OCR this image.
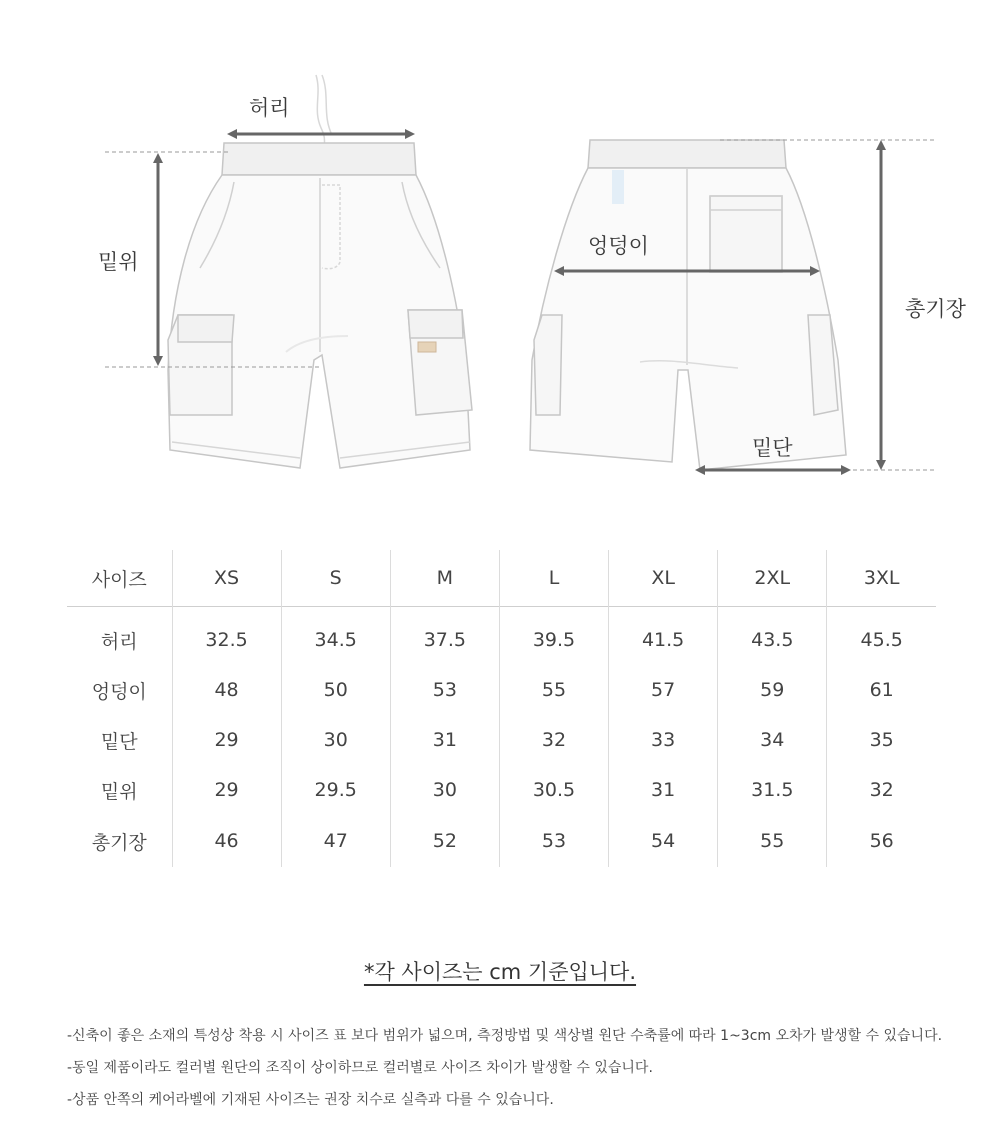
허리
밑위
엉덩이
밑단
총기장
사이즈	XS	S	M	L	XL	2XL	3XL
허리	32.5	34.5	37.5	39.5	41.5	43.5	45.5
엉덩이	48	50	53	55	57	59	61
밑단	29	30	31	32	33	34	35
밑위	29	29.5	30	30.5	31	31.5	32
총기장	46	47	52	53	54	55	56
*각 사이즈는 cm 기준입니다.
-신축이 좋은 소재의 특성상 착용 시 사이즈 표 보다 범위가 넓으며, 측정방법 및 색상별 원단 수축률에 따라 1~3cm 오차가 발생할 수 있습니다.
-동일 제품이라도 컬러별 원단의 조직이 상이하므로 컬러별로 사이즈 차이가 발생할 수 있습니다.
-상품 안쪽의 케어라벨에 기재된 사이즈는 권장 치수로 실측과 다를 수 있습니다.
